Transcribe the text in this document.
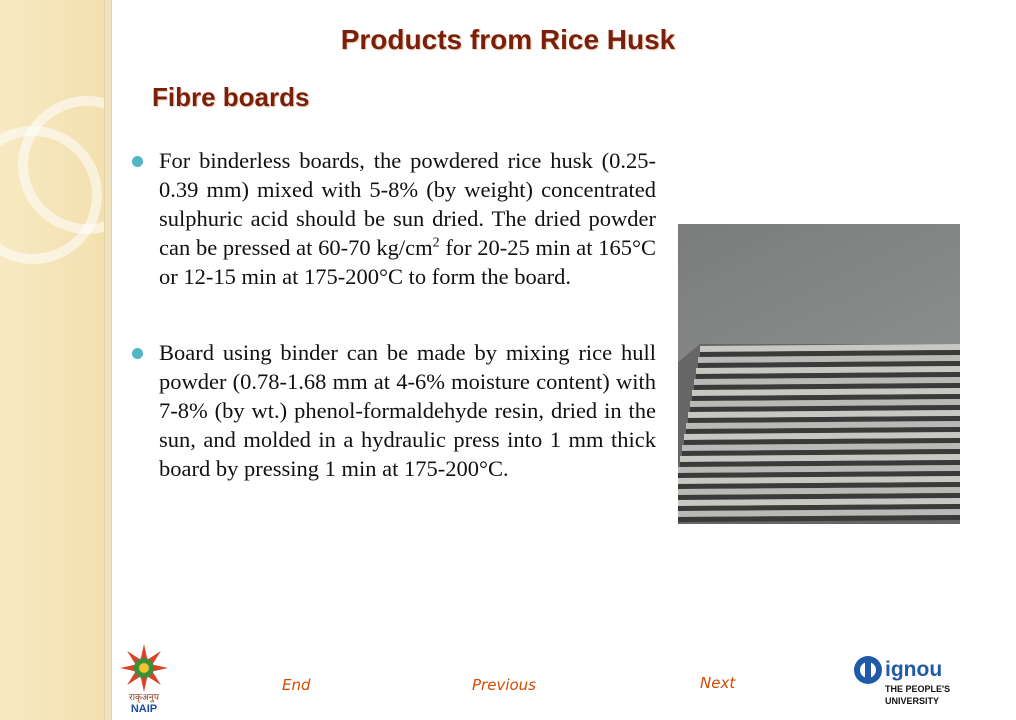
Products from Rice Husk
Fibre boards
For binderless boards, the powdered rice husk (0.25-0.39 mm) mixed with 5-8% (by weight) concentrated sulphuric acid should be sun dried. The dried powder can be pressed at 60-70 $kg/cm^2$ for 20-25 min at 165°C or 12-15 min at 175-200°C to form the board.
Board using binder can be made by mixing rice hull powder (0.78-1.68 mm at 4-6% moisture content) with 7-8% (by wt.) phenol-formaldehyde resin, dried in the sun, and molded in a hydraulic press into 1 mm thick board by pressing 1 min at 175-200°C.
राकृअनुप
NAIP
End	Previous	Next
ignou
THE PEOPLE'S
UNIVERSITY
